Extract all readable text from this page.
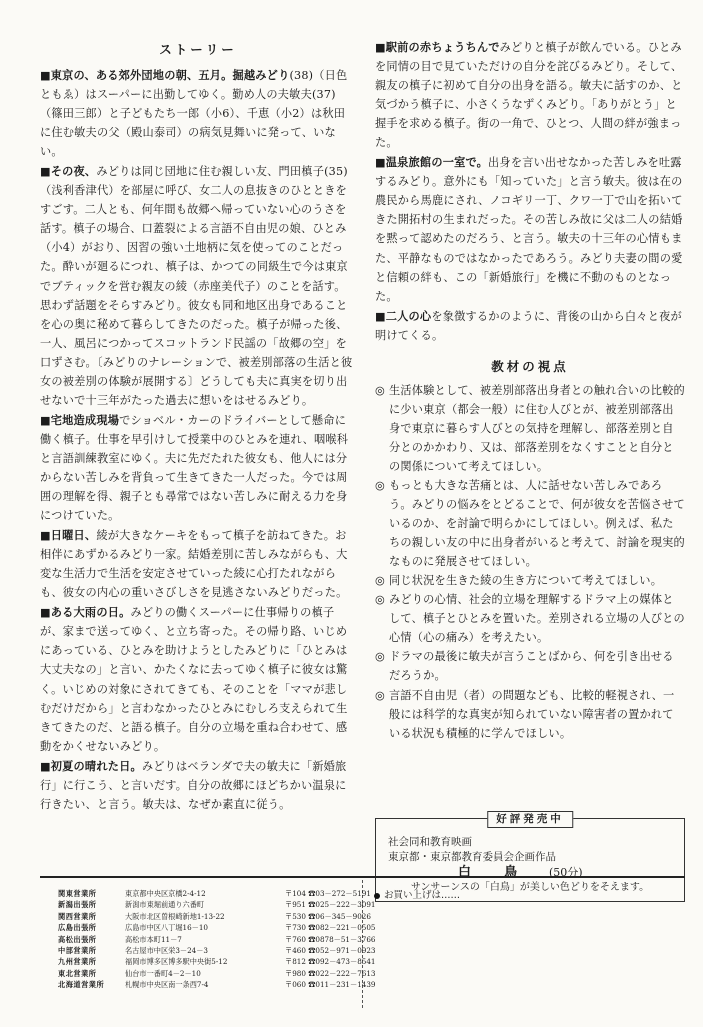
ストーリー

■東京の、ある郊外団地の朝、五月。掘越みどり(38)（日色ともゑ）はスーパーに出勤してゆく。勤め人の夫敏夫(37)（篠田三郎）と子どもたち一郎（小6）、千恵（小2）は秋田に住む敏夫の父（殿山泰司）の病気見舞いに発って、いない。

■その夜、みどりは同じ団地に住む親しい友、門田槙子(35)（浅利香津代）を部屋に呼び、女二人の息抜きのひとときをすごす。二人とも、何年間も故郷へ帰っていない心のうさを話す。槙子の場合、口蓋裂による言語不自由児の娘、ひとみ（小4）がおり、因習の強い土地柄に気を使ってのことだった。酔いが廻るにつれ、槙子は、かつての同級生で今は東京でブティックを営む親友の綾（赤座美代子）のことを話す。思わず話題をそらすみどり。彼女も同和地区出身であることを心の奥に秘めて暮らしてきたのだった。槙子が帰った後、一人、風呂につかってスコットランド民謡の「故郷の空」を口ずさむ。〔みどりのナレーションで、被差別部落の生活と彼女の被差別の体験が展開する〕どうしても夫に真実を切り出せないで十三年がたった過去に想いをはせるみどり。

■宅地造成現場でショベル・カーのドライバーとして懸命に働く槙子。仕事を早引けして授業中のひとみを連れ、咽喉科と言語訓練教室にゆく。夫に先だたれた彼女も、他人には分からない苦しみを背負って生きてきた一人だった。今では周囲の理解を得、親子とも尋常ではない苦しみに耐える力を身につけていた。

■日曜日、綾が大きなケーキをもって槙子を訪ねてきた。お相伴にあずかるみどり一家。結婚差別に苦しみながらも、大変な生活力で生活を安定させていった綾に心打たれながらも、彼女の内心の重いさびしさを見逃さないみどりだった。

■ある大雨の日。みどりの働くスーパーに仕事帰りの槙子が、家まで送ってゆく、と立ち寄った。その帰り路、いじめにあっている、ひとみを助けようとしたみどりに「ひとみは大丈夫なの」と言い、かたくなに去ってゆく槙子に彼女は驚く。いじめの対象にされてきても、そのことを「ママが悲しむだけだから」と言わなかったひとみにむしろ支えられて生きてきたのだ、と語る槙子。自分の立場を重ね合わせて、感動をかくせないみどり。

■初夏の晴れた日。みどりはベランダで夫の敏夫に「新婚旅行」に行こう、と言いだす。自分の故郷にほどちかい温泉に行きたい、と言う。敏夫は、なぜか素直に従う。

■駅前の赤ちょうちんでみどりと槙子が飲んでいる。ひとみを同情の目で見ていただけの自分を詫びるみどり。そして、親友の槙子に初めて自分の出身を語る。敏夫に話すのか、と気づかう槙子に、小さくうなずくみどり。「ありがとう」と握手を求める槙子。街の一角で、ひとつ、人間の絆が強まった。

■温泉旅館の一室で。出身を言い出せなかった苦しみを吐露するみどり。意外にも「知っていた」と言う敏夫。彼は在の農民から馬鹿にされ、ノコギリ一丁、クワ一丁で山を拓いてきた開拓村の生まれだった。その苦しみ故に父は二人の結婚を黙って認めたのだろう、と言う。敏夫の十三年の心情もまた、平静なものではなかったであろう。みどり夫妻の間の愛と信頼の絆も、この「新婚旅行」を機に不動のものとなった。

■二人の心を象徴するかのように、背後の山から白々と夜が明けてくる。

教材の視点

◎ 生活体験として、被差別部落出身者との触れ合いの比較的に少い東京（都会一般）に住む人びとが、被差別部落出身で東京に暮らす人びとの気持を理解し、部落差別と自分とのかかわり、又は、部落差別をなくすことと自分との関係について考えてほしい。

◎ もっとも大きな苦痛とは、人に話せない苦しみであろう。みどりの悩みをとどることで、何が彼女を苦悩させているのか、を討論で明らかにしてほしい。例えば、私たちの親しい友の中に出身者がいると考えて、討論を現実的なものに発展させてほしい。

◎ 同じ状況を生きた綾の生き方について考えてほしい。

◎ みどりの心情、社会的立場を理解するドラマ上の媒体として、槙子とひとみを置いた。差別される立場の人びとの心情（心の痛み）を考えたい。

◎ ドラマの最後に敏夫が言うことばから、何を引き出せるだろうか。

◎ 言語不自由児（者）の問題なども、比較的軽視され、一般には科学的な真実が知られていない障害者の置かれている状況も積極的に学んでほしい。

好評発売中
社会同和教育映画
東京都・東京都教育委員会企画作品
白　鳥 (50分)
サンサーンスの「白鳥」が美しい色どりをそえます。
関東営業所	東京都中央区京橋2-4-12	〒104 ☎03－272－5191
新潟出張所	新潟市東堀前通り六番町	〒951 ☎025－222－3091
関西営業所	大阪市北区曽根崎新地1-13-22	〒530 ☎06－345－9026
広島出張所	広島市中区八丁堀16－10	〒730 ☎082－221－0505
高松出張所	高松市本町11－7	〒760 ☎0878－51－3766
中部営業所	名古屋市中区栄3－24－3	〒460 ☎052－971－0923
九州営業所	福岡市博多区博多駅中央街5-12	〒812 ☎092－473－8541
東北営業所	仙台市一番町4－2－10	〒980 ☎022－222－7613
北海道営業所	札幌市中央区南一条西7-4	〒060 ☎011－231－1439
お買い上げは……
